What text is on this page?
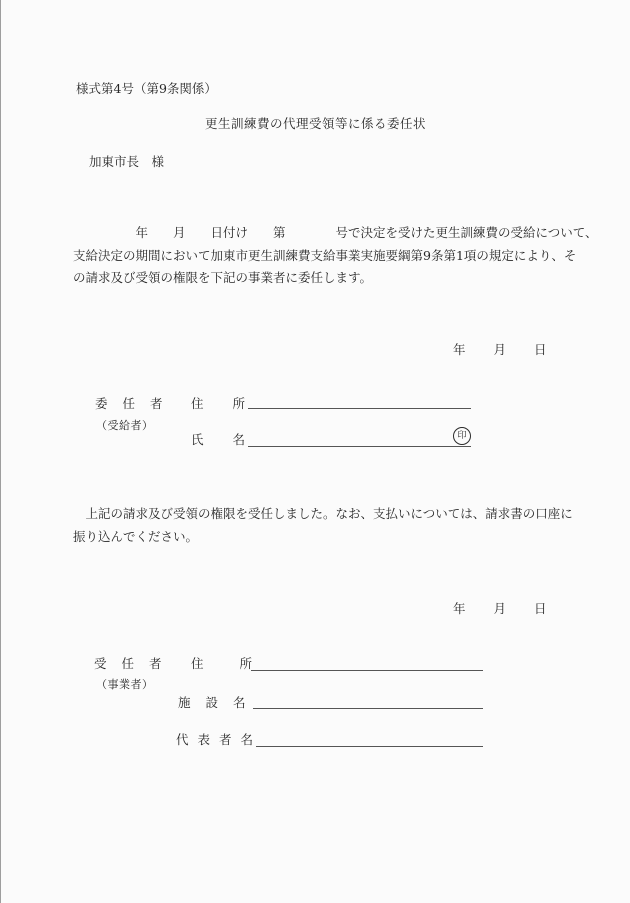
様式第4号（第9条関係）
更生訓練費の代理受領等に係る委任状
加東市長　様
　　　　　年　　月　　日付け　　第　　　　号で決定を受けた更生訓練費の受給について、
支給決定の期間において加東市更生訓練費支給事業実施要綱第9条第1項の規定により、そ
の請求及び受領の権限を下記の事業者に委任します。
年　　月　　日
委任者
（受給者）
住所
氏名	印
　上記の請求及び受領の権限を受任しました。なお、支払いについては、請求書の口座に
振り込んでください。
年　　月　　日
受任者
（事業者）
住所
施設名
代表者名
